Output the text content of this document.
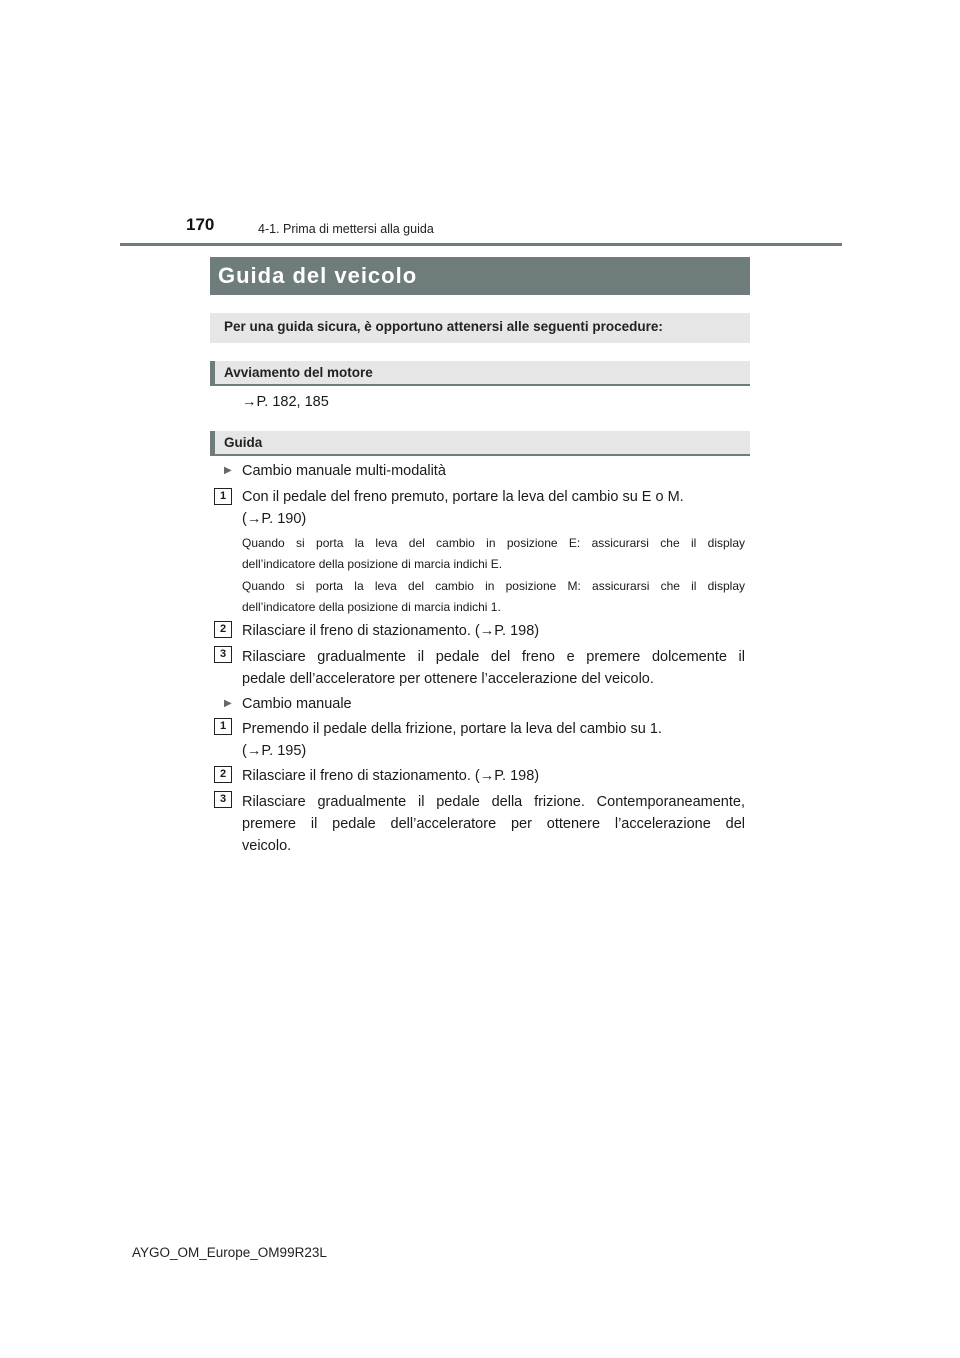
170	4-1. Prima di mettersi alla guida
Guida del veicolo
Per una guida sicura, è opportuno attenersi alle seguenti procedure:
Avviamento del motore
→P. 182, 185
Guida
▶ Cambio manuale multi-modalità
1	Con il pedale del freno premuto, portare la leva del cambio su E o M.
(→P. 190)
Quando si porta la leva del cambio in posizione E: assicurarsi che il display
dell’indicatore della posizione di marcia indichi E.
Quando si porta la leva del cambio in posizione M: assicurarsi che il display
dell’indicatore della posizione di marcia indichi 1.
2	Rilasciare il freno di stazionamento. (→P. 198)
3	Rilasciare gradualmente il pedale del freno e premere dolcemente il
pedale dell’acceleratore per ottenere l’accelerazione del veicolo.
▶ Cambio manuale
1	Premendo il pedale della frizione, portare la leva del cambio su 1.
(→P. 195)
2	Rilasciare il freno di stazionamento. (→P. 198)
3	Rilasciare gradualmente il pedale della frizione. Contemporaneamente,
premere il pedale dell’acceleratore per ottenere l’accelerazione del
veicolo.
AYGO_OM_Europe_OM99R23L
